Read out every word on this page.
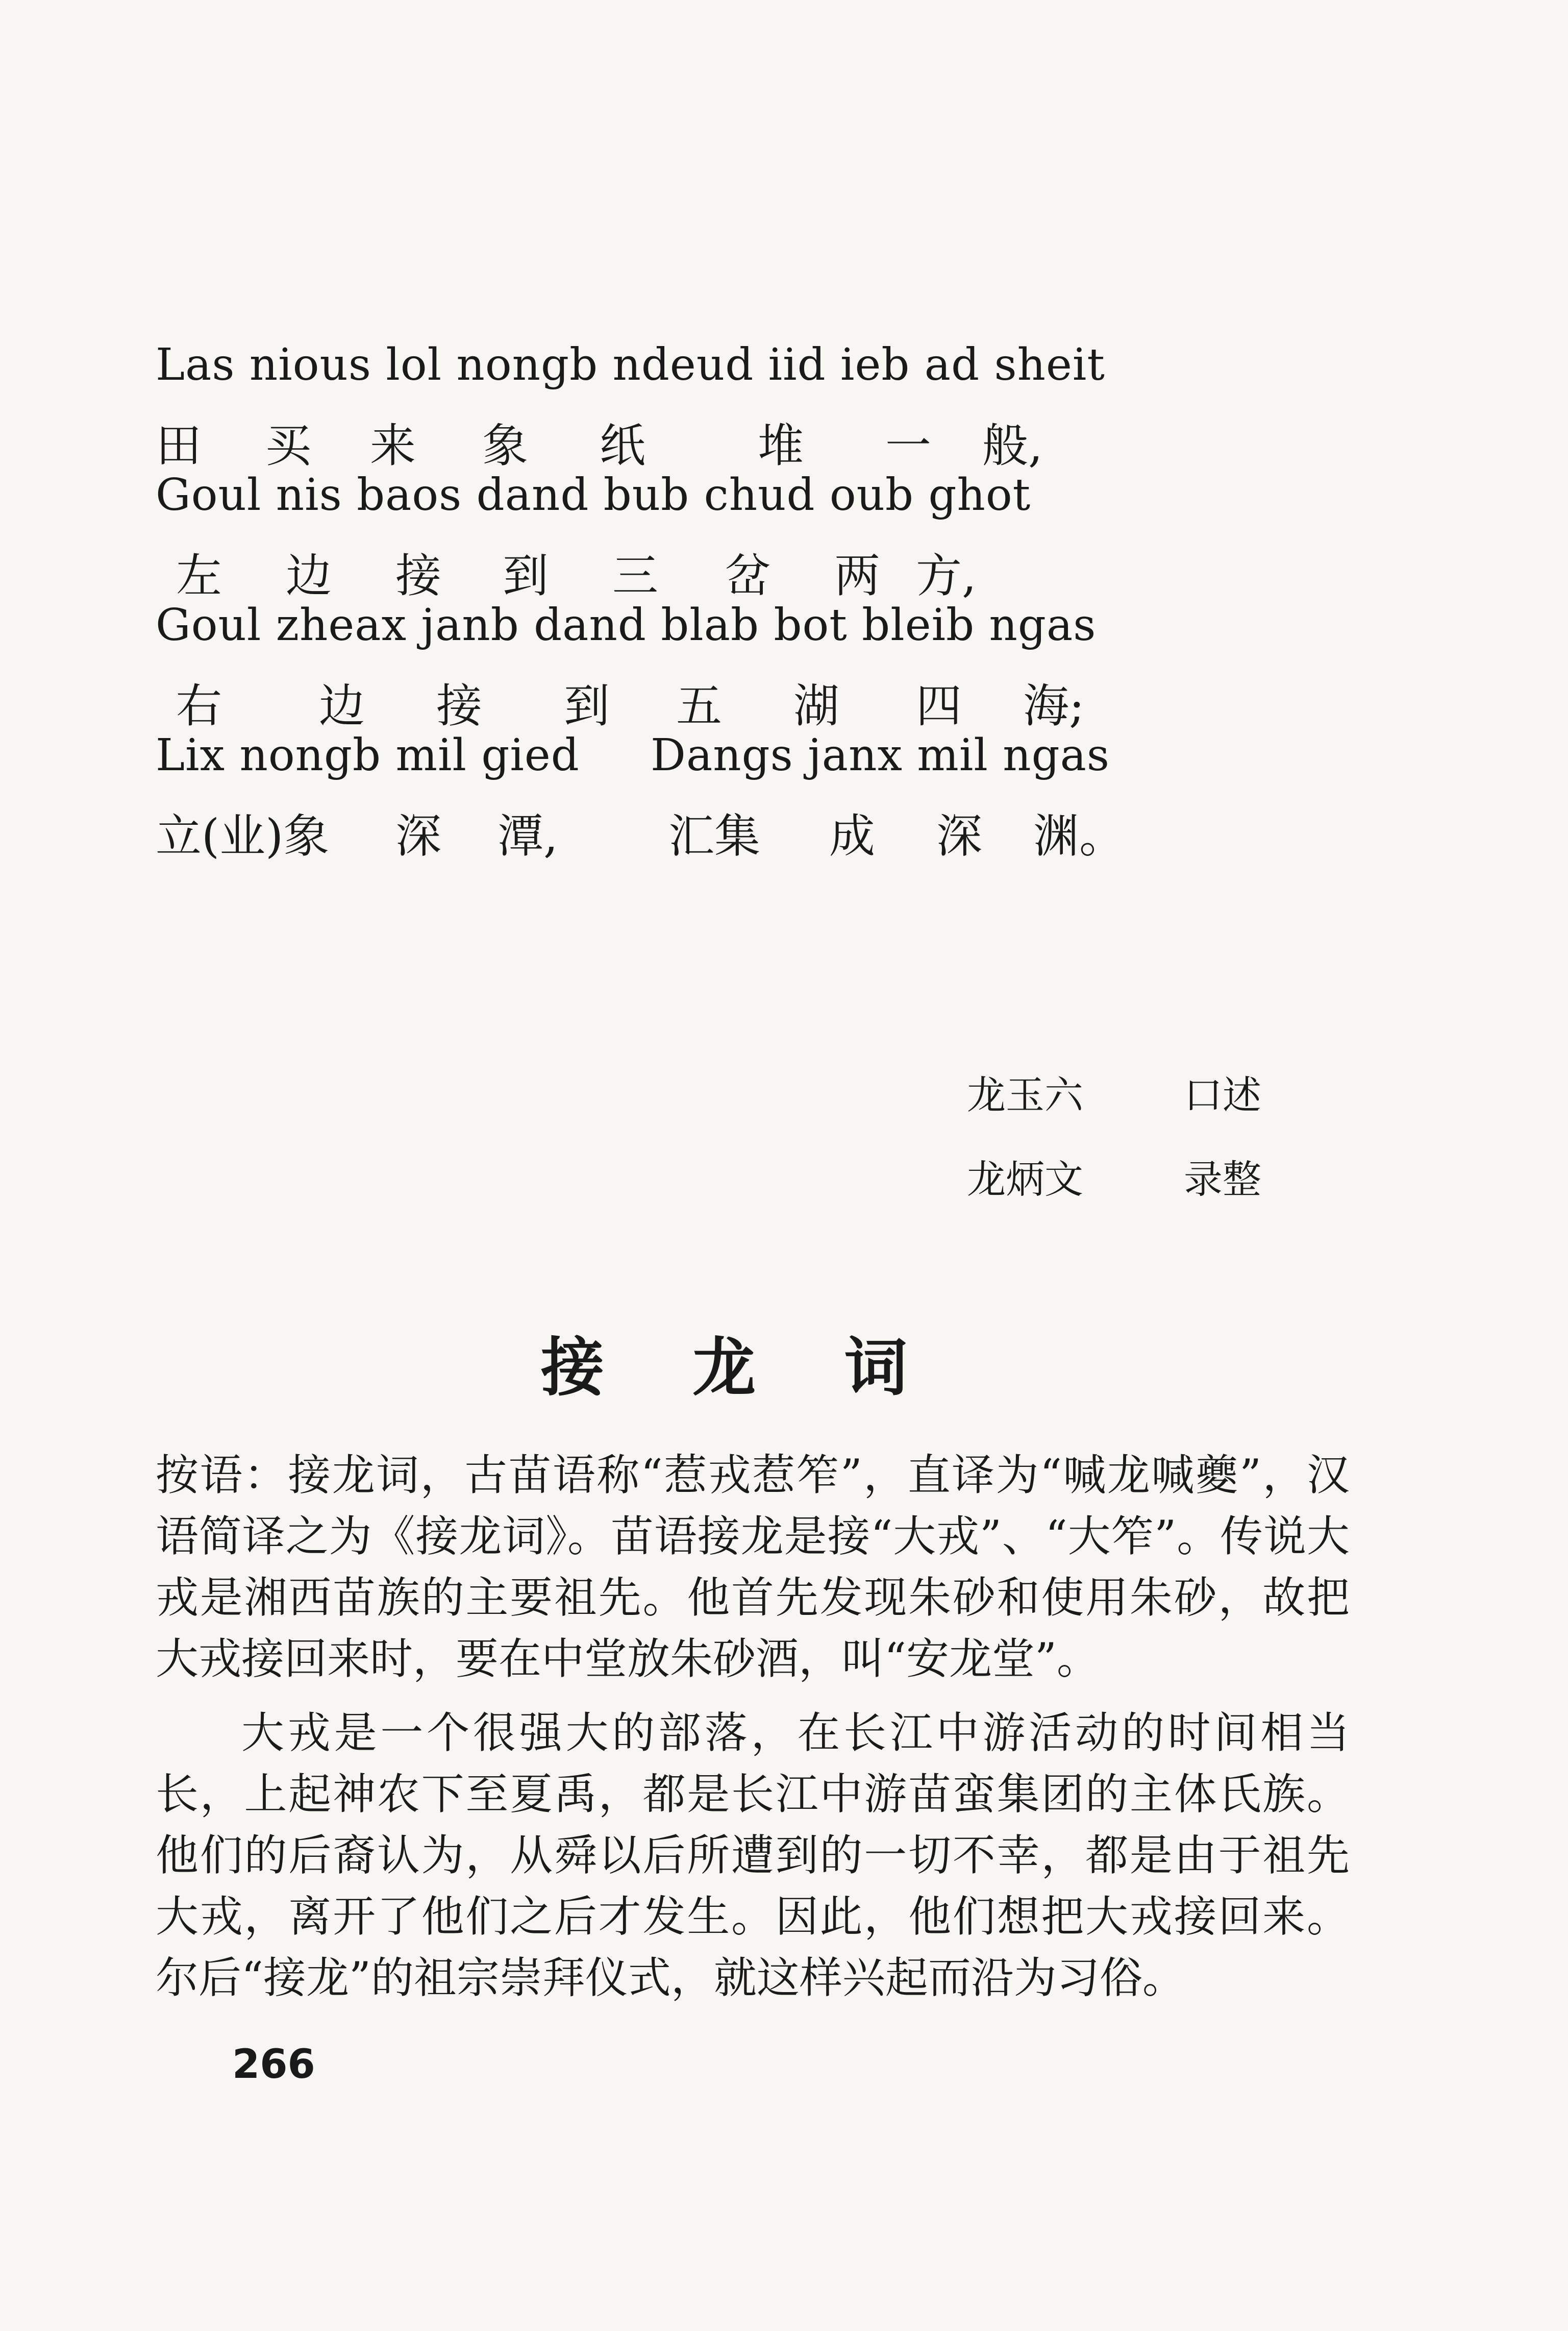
Las nious lol nongb ndeud iid ieb ad sheit
田 买 来 象 纸 堆 一 般,
Goul nis baos dand bub chud oub ghot
左 边 接 到 三 岔 两 方,
Goul zheax janb dand blab bot bleib ngas
右 边 接 到 五 湖 四 海;
Lix nongb mil gied Dangs janx mil ngas
立(业)象 深 潭, 汇集 成 深 渊。
龙玉六	口述
龙炳文	录整
接 龙 词
按语：接龙词，古苗语称“惹戎惹笮”，直译为“喊龙喊夔”，汉语简译之为《接龙词》。苗语接龙是接“大戎”、“大笮”。传说大戎是湘西苗族的主要祖先。他首先发现朱砂和使用朱砂，故把大戎接回来时，要在中堂放朱砂酒，叫“安龙堂”。
大戎是一个很强大的部落，在长江中游活动的时间相当长，上起神农下至夏禹，都是长江中游苗蛮集团的主体氏族。他们的后裔认为，从舜以后所遭到的一切不幸，都是由于祖先大戎，离开了他们之后才发生。因此，他们想把大戎接回来。尔后“接龙”的祖宗崇拜仪式，就这样兴起而沿为习俗。
266
